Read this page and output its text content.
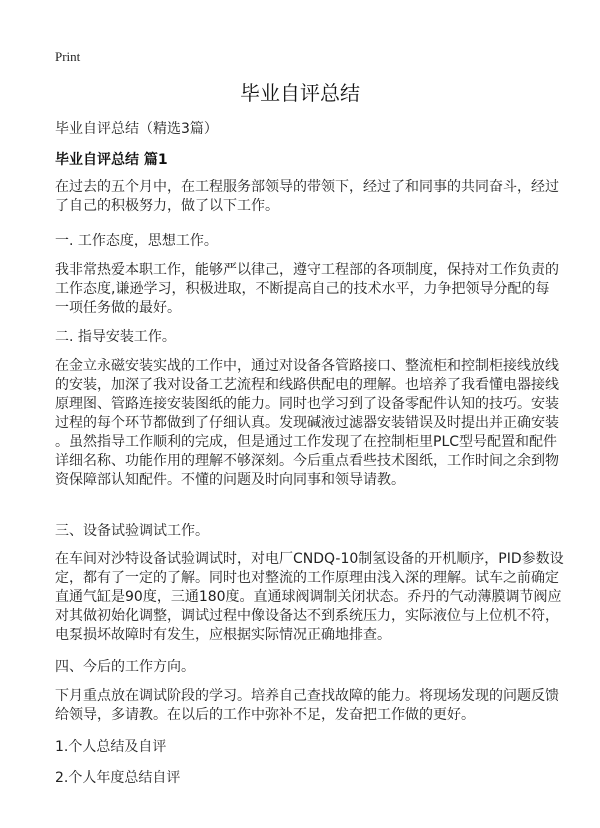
Print
毕业自评总结
毕业自评总结（精选3篇）
毕业自评总结 篇1
在过去的五个月中，在工程服务部领导的带领下，经过了和同事的共同奋斗，经过
了自己的积极努力，做了以下工作。
一. 工作态度，思想工作。
我非常热爱本职工作，能够严以律己，遵守工程部的各项制度，保持对工作负责的
工作态度,谦逊学习，积极进取，不断提高自己的技术水平，力争把领导分配的每
一项任务做的最好。
二. 指导安装工作。
在金立永磁安装实战的工作中，通过对设备各管路接口、整流柜和控制柜接线放线
的安装，加深了我对设备工艺流程和线路供配电的理解。也培养了我看懂电器接线
原理图、管路连接安装图纸的能力。同时也学习到了设备零配件认知的技巧。安装
过程的每个环节都做到了仔细认真。发现碱液过滤器安装错误及时提出并正确安装
。虽然指导工作顺利的完成，但是通过工作发现了在控制柜里PLC型号配置和配件
详细名称、功能作用的理解不够深刻。今后重点看些技术图纸，工作时间之余到物
资保障部认知配件。不懂的问题及时向同事和领导请教。
三、设备试验调试工作。
在车间对沙特设备试验调试时，对电厂CNDQ-10制氢设备的开机顺序，PID参数设
定，都有了一定的了解。同时也对整流的工作原理由浅入深的理解。试车之前确定
直通气缸是90度，三通180度。直通球阀调制关闭状态。乔丹的气动薄膜调节阀应
对其做初始化调整，调试过程中像设备达不到系统压力，实际液位与上位机不符，
电泵损坏故障时有发生，应根据实际情况正确地排查。
四、今后的工作方向。
下月重点放在调试阶段的学习。培养自己查找故障的能力。将现场发现的问题反馈
给领导，多请教。在以后的工作中弥补不足，发奋把工作做的更好。
1.个人总结及自评
2.个人年度总结自评
